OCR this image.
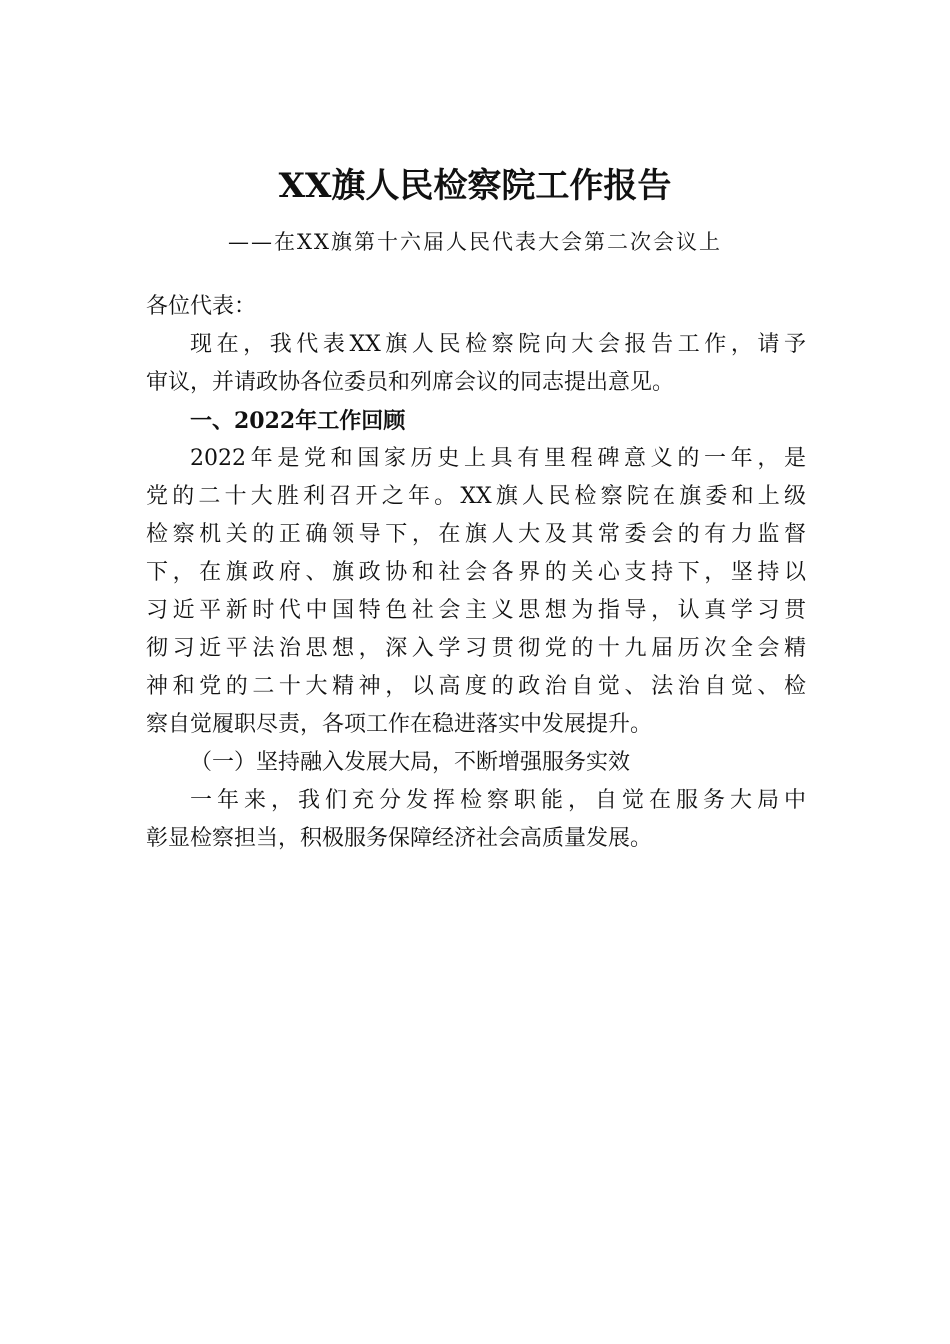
XX旗人民检察院工作报告
——在XX旗第十六届人民代表大会第二次会议上
各位代表：
现在，我代表XX旗人民检察院向大会报告工作，请予
审议，并请政协各位委员和列席会议的同志提出意见。
一、2022年工作回顾
2022年是党和国家历史上具有里程碑意义的一年，是
党的二十大胜利召开之年。XX旗人民检察院在旗委和上级
检察机关的正确领导下，在旗人大及其常委会的有力监督
下，在旗政府、旗政协和社会各界的关心支持下，坚持以
习近平新时代中国特色社会主义思想为指导，认真学习贯
彻习近平法治思想，深入学习贯彻党的十九届历次全会精
神和党的二十大精神，以高度的政治自觉、法治自觉、检
察自觉履职尽责，各项工作在稳进落实中发展提升。
（一）坚持融入发展大局，不断增强服务实效
一年来，我们充分发挥检察职能，自觉在服务大局中
彰显检察担当，积极服务保障经济社会高质量发展。
